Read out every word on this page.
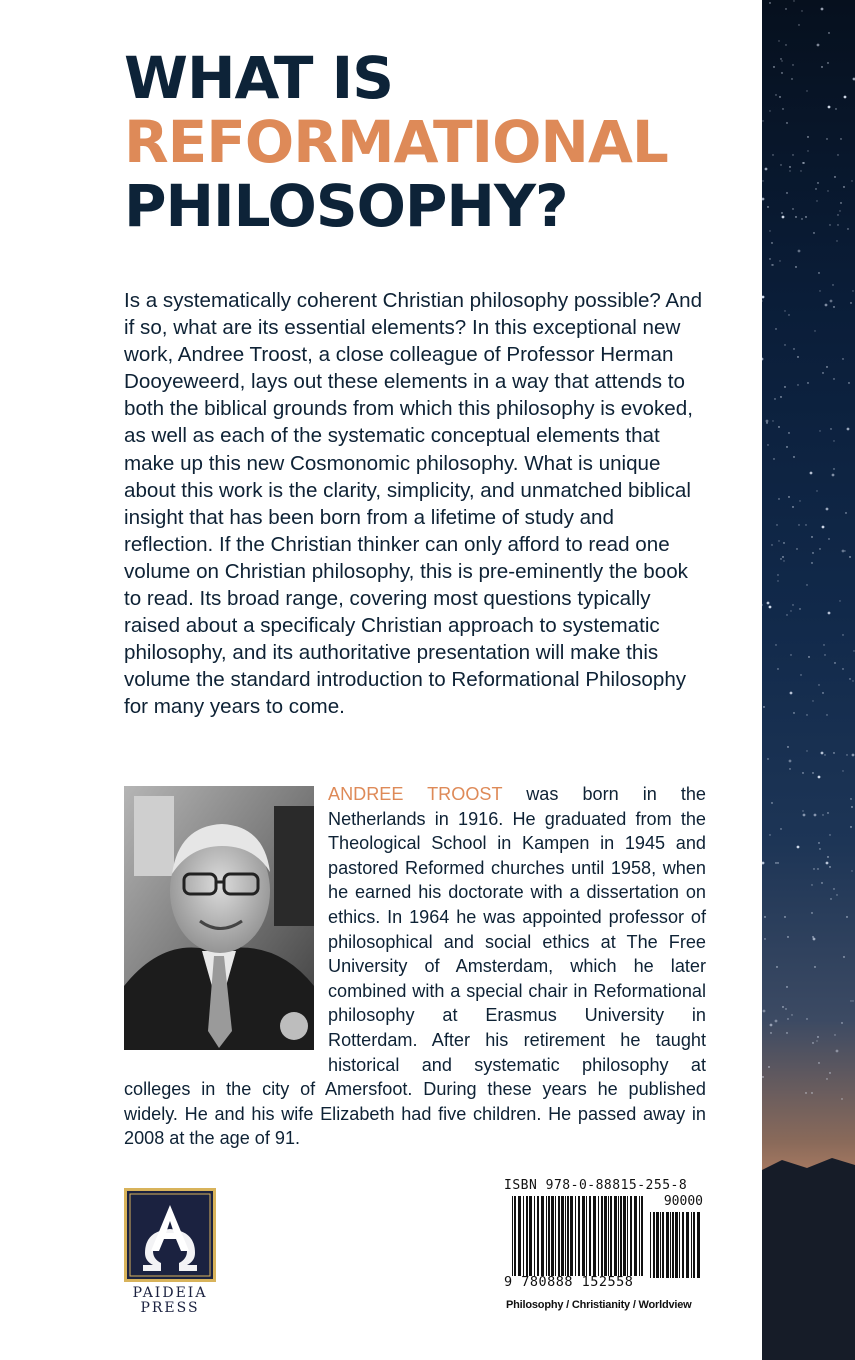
WHAT IS
REFORMATIONAL
PHILOSOPHY?

Is a systematically coherent Christian philosophy possible? And if so, what are its essential elements? In this exceptional new work, Andree Troost, a close colleague of Professor Herman Dooyeweerd, lays out these elements in a way that attends to both the biblical grounds from which this philosophy is evoked, as well as each of the systematic conceptual elements that make up this new Cosmonomic philosophy. What is unique about this work is the clarity, simplicity, and unmatched biblical insight that has been born from a lifetime of study and reflection. If the Christian thinker can only afford to read one volume on Christian philosophy, this is pre-eminently the book to read. Its broad range, covering most questions typically raised about a specificaly Christian approach to systematic philosophy, and its authoritative presentation will make this volume the standard introduction to Reformational Philosophy for many years to come.

ANDREE TROOST was born in the Netherlands in 1916. He graduated from the Theological School in Kampen in 1945 and pastored Reformed churches until 1958, when he earned his doctorate with a dissertation on ethics. In 1964 he was appointed professor of philosophical and social ethics at The Free University of Amsterdam, which he later combined with a special chair in Reformational philosophy at Erasmus University in Rotterdam. After his retirement he taught historical and systematic philosophy at colleges in the city of Amersfoot. During these years he published widely. He and his wife Elizabeth had five children. He passed away in 2008 at the age of 91.
PAIDEIA
PRESS
ISBN 978-0-88815-255-8
90000
9 780888 152558
Philosophy / Christianity / Worldview
